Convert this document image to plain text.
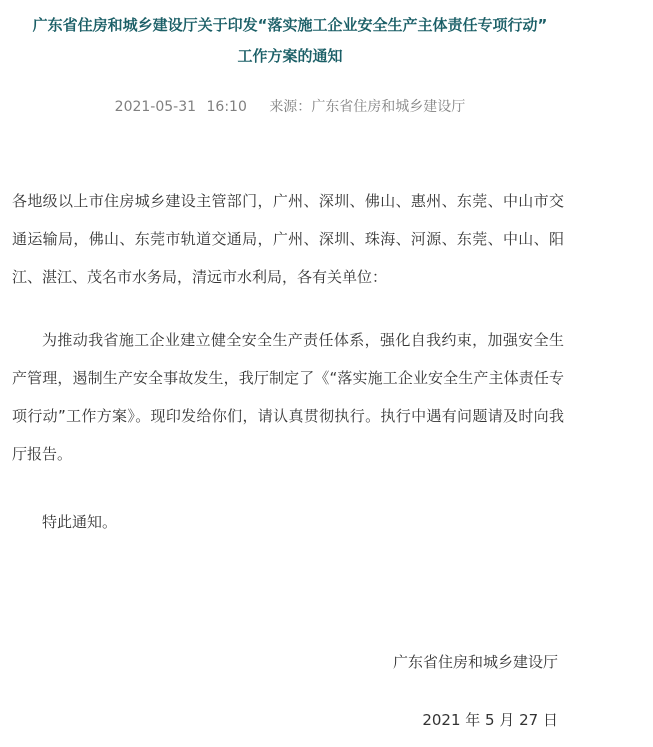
广东省住房和城乡建设厅关于印发“落实施工企业安全生产主体责任专项行动”
工作方案的通知
2021-05-31 16:10 来源：广东省住房和城乡建设厅

各地级以上市住房城乡建设主管部门，广州、深圳、佛山、惠州、东莞、中山市交通运输局，佛山、东莞市轨道交通局，广州、深圳、珠海、河源、东莞、中山、阳江、湛江、茂名市水务局，清远市水利局，各有关单位：

为推动我省施工企业建立健全安全生产责任体系，强化自我约束，加强安全生产管理，遏制生产安全事故发生，我厅制定了《“落实施工企业安全生产主体责任专项行动”工作方案》。现印发给你们，请认真贯彻执行。执行中遇有问题请及时向我厅报告。

特此通知。

广东省住房和城乡建设厅
2021 年 5 月 27 日
